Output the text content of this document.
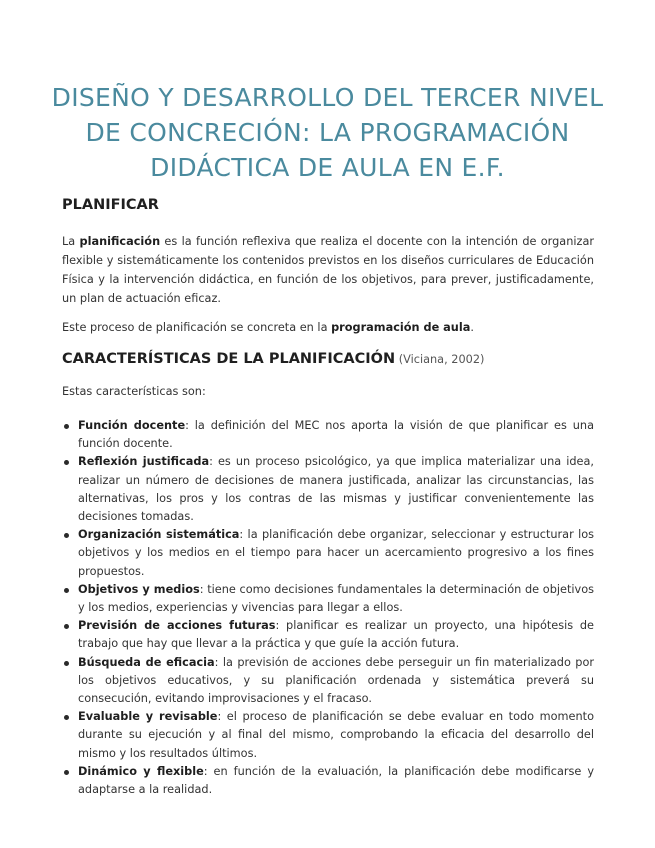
DISEÑO Y DESARROLLO DEL TERCER NIVEL DE CONCRECIÓN: LA PROGRAMACIÓN DIDÁCTICA DE AULA EN E.F.
PLANIFICAR
La planificación es la función reflexiva que realiza el docente con la intención de organizar flexible y sistemáticamente los contenidos previstos en los diseños curriculares de Educación Física y la intervención didáctica, en función de los objetivos, para prever, justificadamente, un plan de actuación eficaz.
Este proceso de planificación se concreta en la programación de aula.
CARACTERÍSTICAS DE LA PLANIFICACIÓN (Viciana, 2002)
Estas características son:
Función docente: la definición del MEC nos aporta la visión de que planificar es una función docente.
Reflexión justificada: es un proceso psicológico, ya que implica materializar una idea, realizar un número de decisiones de manera justificada, analizar las circunstancias, las alternativas, los pros y los contras de las mismas y justificar convenientemente las decisiones tomadas.
Organización sistemática: la planificación debe organizar, seleccionar y estructurar los objetivos y los medios en el tiempo para hacer un acercamiento progresivo a los fines propuestos.
Objetivos y medios: tiene como decisiones fundamentales la determinación de objetivos y los medios, experiencias y vivencias para llegar a ellos.
Previsión de acciones futuras: planificar es realizar un proyecto, una hipótesis de trabajo que hay que llevar a la práctica y que guíe la acción futura.
Búsqueda de eficacia: la previsión de acciones debe perseguir un fin materializado por los objetivos educativos, y su planificación ordenada y sistemática preverá su consecución, evitando improvisaciones y el fracaso.
Evaluable y revisable: el proceso de planificación se debe evaluar en todo momento durante su ejecución y al final del mismo, comprobando la eficacia del desarrollo del mismo y los resultados últimos.
Dinámico y flexible: en función de la evaluación, la planificación debe modificarse y adaptarse a la realidad.
